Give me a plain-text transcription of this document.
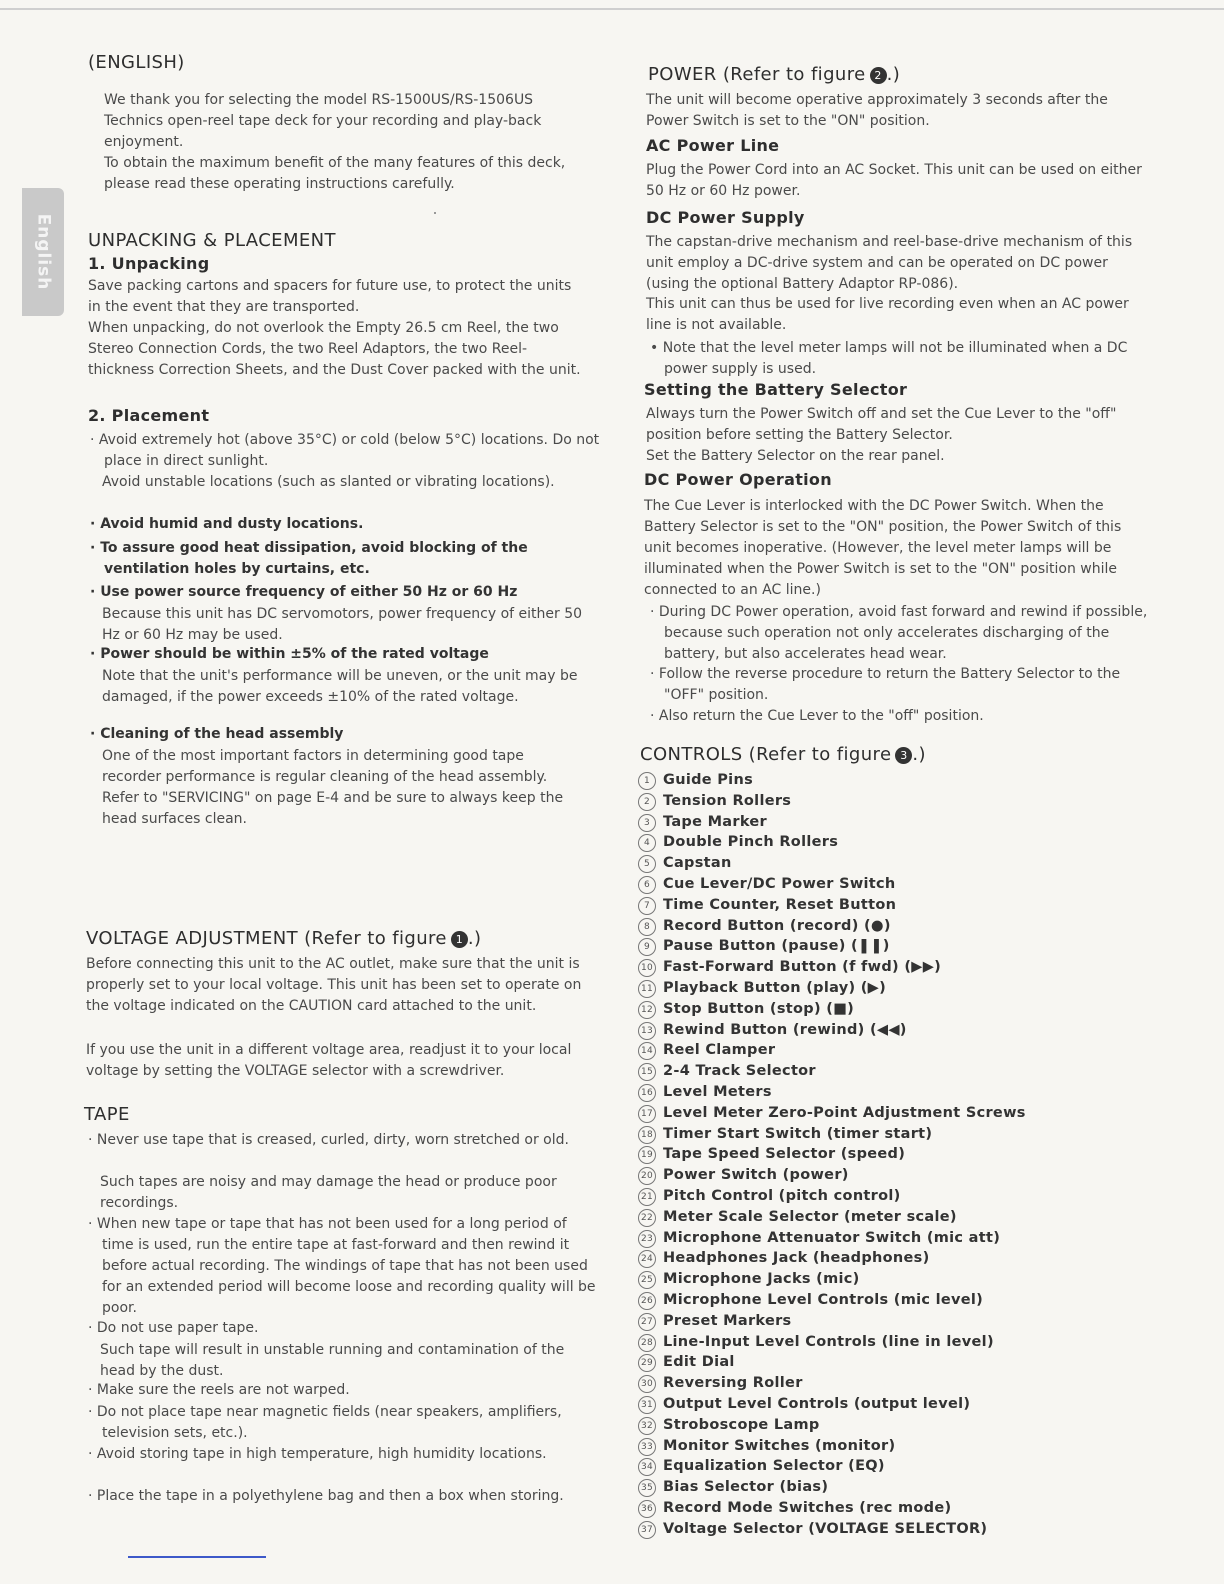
English
(ENGLISH)
We thank you for selecting the model RS-1500US/RS-1506US Technics open-reel tape deck for your recording and play-back enjoyment.
To obtain the maximum benefit of the many features of this deck, please read these operating instructions carefully.
UNPACKING & PLACEMENT
1. Unpacking
Save packing cartons and spacers for future use, to protect the units in the event that they are transported.
When unpacking, do not overlook the Empty 26.5 cm Reel, the two Stereo Connection Cords, the two Reel Adaptors, the two Reel-thickness Correction Sheets, and the Dust Cover packed with the unit.
2. Placement
· Avoid extremely hot (above 35°C) or cold (below 5°C) locations. Do not place in direct sunlight.
Avoid unstable locations (such as slanted or vibrating locations).
· Avoid humid and dusty locations.
· To assure good heat dissipation, avoid blocking of the ventilation holes by curtains, etc.
· Use power source frequency of either 50 Hz or 60 Hz
Because this unit has DC servomotors, power frequency of either 50 Hz or 60 Hz may be used.
· Power should be within ±5% of the rated voltage
Note that the unit's performance will be uneven, or the unit may be damaged, if the power exceeds ±10% of the rated voltage.
· Cleaning of the head assembly
One of the most important factors in determining good tape recorder performance is regular cleaning of the head assembly. Refer to "SERVICING" on page E-4 and be sure to always keep the head surfaces clean.
VOLTAGE ADJUSTMENT (Refer to figure 1 .)
Before connecting this unit to the AC outlet, make sure that the unit is properly set to your local voltage. This unit has been set to operate on the voltage indicated on the CAUTION card attached to the unit.
If you use the unit in a different voltage area, readjust it to your local voltage by setting the VOLTAGE selector with a screwdriver.
TAPE
· Never use tape that is creased, curled, dirty, worn stretched or old.
Such tapes are noisy and may damage the head or produce poor recordings.
· When new tape or tape that has not been used for a long period of time is used, run the entire tape at fast-forward and then rewind it before actual recording. The windings of tape that has not been used for an extended period will become loose and recording quality will be poor.
· Do not use paper tape.
Such tape will result in unstable running and contamination of the head by the dust.
· Make sure the reels are not warped.
· Do not place tape near magnetic fields (near speakers, amplifiers, television sets, etc.).
· Avoid storing tape in high temperature, high humidity locations.
· Place the tape in a polyethylene bag and then a box when storing.
POWER (Refer to figure 2 .)
The unit will become operative approximately 3 seconds after the Power Switch is set to the "ON" position.
AC Power Line
Plug the Power Cord into an AC Socket. This unit can be used on either 50 Hz or 60 Hz power.
DC Power Supply
The capstan-drive mechanism and reel-base-drive mechanism of this unit employ a DC-drive system and can be operated on DC power (using the optional Battery Adaptor RP-086).
This unit can thus be used for live recording even when an AC power line is not available.
• Note that the level meter lamps will not be illuminated when a DC power supply is used.
Setting the Battery Selector
Always turn the Power Switch off and set the Cue Lever to the "off" position before setting the Battery Selector.
Set the Battery Selector on the rear panel.
DC Power Operation
The Cue Lever is interlocked with the DC Power Switch. When the Battery Selector is set to the "ON" position, the Power Switch of this unit becomes inoperative. (However, the level meter lamps will be illuminated when the Power Switch is set to the "ON" position while connected to an AC line.)
· During DC Power operation, avoid fast forward and rewind if possible, because such operation not only accelerates discharging of the battery, but also accelerates head wear.
· Follow the reverse procedure to return the Battery Selector to the "OFF" position.
· Also return the Cue Lever to the "off" position.
CONTROLS (Refer to figure 3 .)
1 Guide Pins
2 Tension Rollers
3 Tape Marker
4 Double Pinch Rollers
5 Capstan
6 Cue Lever/DC Power Switch
7 Time Counter, Reset Button
8 Record Button (record) (●)
9 Pause Button (pause) (❚❚)
10 Fast-Forward Button (f fwd) (▶▶)
11 Playback Button (play) (▶)
12 Stop Button (stop) (■)
13 Rewind Button (rewind) (◀◀)
14 Reel Clamper
15 2-4 Track Selector
16 Level Meters
17 Level Meter Zero-Point Adjustment Screws
18 Timer Start Switch (timer start)
19 Tape Speed Selector (speed)
20 Power Switch (power)
21 Pitch Control (pitch control)
22 Meter Scale Selector (meter scale)
23 Microphone Attenuator Switch (mic att)
24 Headphones Jack (headphones)
25 Microphone Jacks (mic)
26 Microphone Level Controls (mic level)
27 Preset Markers
28 Line-Input Level Controls (line in level)
29 Edit Dial
30 Reversing Roller
31 Output Level Controls (output level)
32 Stroboscope Lamp
33 Monitor Switches (monitor)
34 Equalization Selector (EQ)
35 Bias Selector (bias)
36 Record Mode Switches (rec mode)
37 Voltage Selector (VOLTAGE SELECTOR)
